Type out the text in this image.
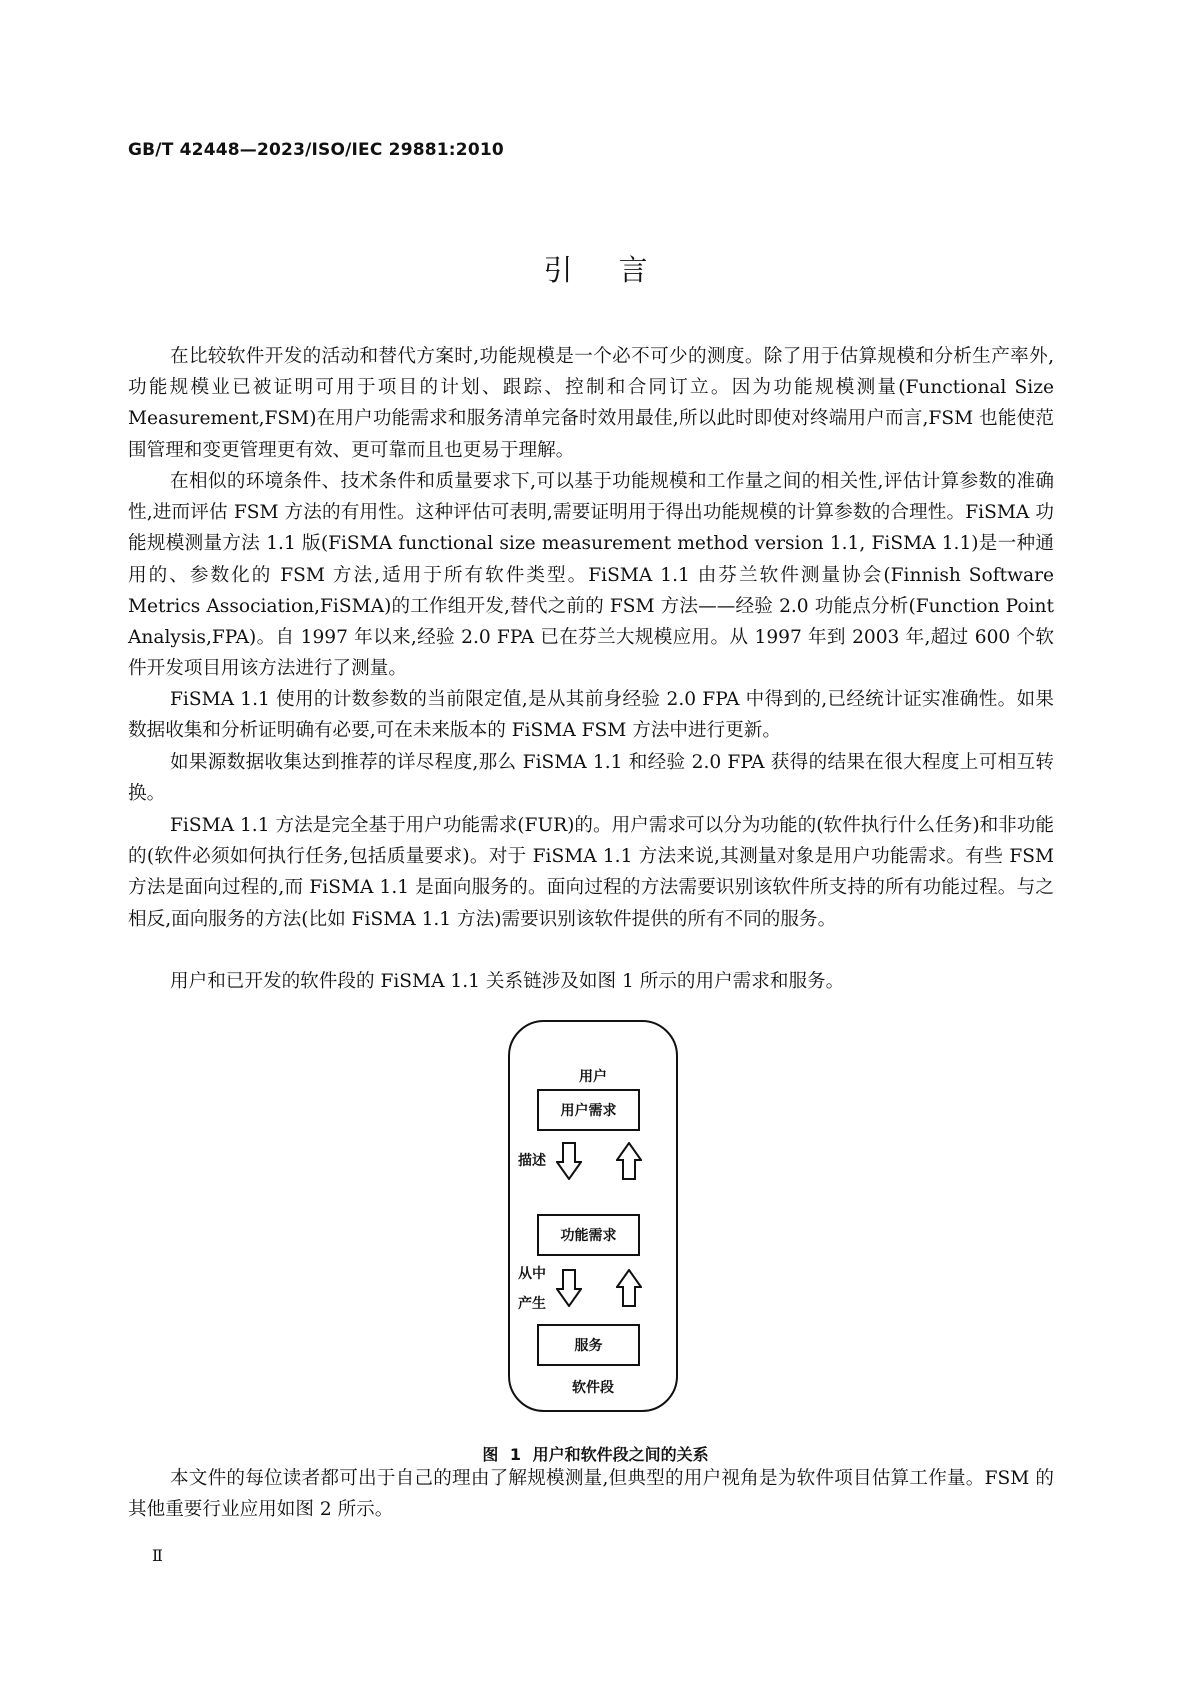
GB/T 42448—2023/ISO/IEC 29881:2010
引言
在比较软件开发的活动和替代方案时,功能规模是一个必不可少的测度。除了用于估算规模和分析生产率外,功能规模业已被证明可用于项目的计划、跟踪、控制和合同订立。因为功能规模测量(Functional Size Measurement,FSM)在用户功能需求和服务清单完备时效用最佳,所以此时即使对终端用户而言,FSM 也能使范围管理和变更管理更有效、更可靠而且也更易于理解。
在相似的环境条件、技术条件和质量要求下,可以基于功能规模和工作量之间的相关性,评估计算参数的准确性,进而评估 FSM 方法的有用性。这种评估可表明,需要证明用于得出功能规模的计算参数的合理性。FiSMA 功能规模测量方法 1.1 版(FiSMA functional size measurement method version 1.1, FiSMA 1.1)是一种通用的、参数化的 FSM 方法,适用于所有软件类型。FiSMA 1.1 由芬兰软件测量协会(Finnish Software Metrics Association,FiSMA)的工作组开发,替代之前的 FSM 方法——经验 2.0 功能点分析(Function Point Analysis,FPA)。自 1997 年以来,经验 2.0 FPA 已在芬兰大规模应用。从 1997 年到 2003 年,超过 600 个软件开发项目用该方法进行了测量。
FiSMA 1.1 使用的计数参数的当前限定值,是从其前身经验 2.0 FPA 中得到的,已经统计证实准确性。如果数据收集和分析证明确有必要,可在未来版本的 FiSMA FSM 方法中进行更新。
如果源数据收集达到推荐的详尽程度,那么 FiSMA 1.1 和经验 2.0 FPA 获得的结果在很大程度上可相互转换。
FiSMA 1.1 方法是完全基于用户功能需求(FUR)的。用户需求可以分为功能的(软件执行什么任务)和非功能的(软件必须如何执行任务,包括质量要求)。对于 FiSMA 1.1 方法来说,其测量对象是用户功能需求。有些 FSM 方法是面向过程的,而 FiSMA 1.1 是面向服务的。面向过程的方法需要识别该软件所支持的所有功能过程。与之相反,面向服务的方法(比如 FiSMA 1.1 方法)需要识别该软件提供的所有不同的服务。
用户和已开发的软件段的 FiSMA 1.1 关系链涉及如图 1 所示的用户需求和服务。
用户
用户需求
描述
功能需求
从中
产生
服务
软件段
图 1 用户和软件段之间的关系
本文件的每位读者都可出于自己的理由了解规模测量,但典型的用户视角是为软件项目估算工作量。FSM 的其他重要行业应用如图 2 所示。
Ⅱ
